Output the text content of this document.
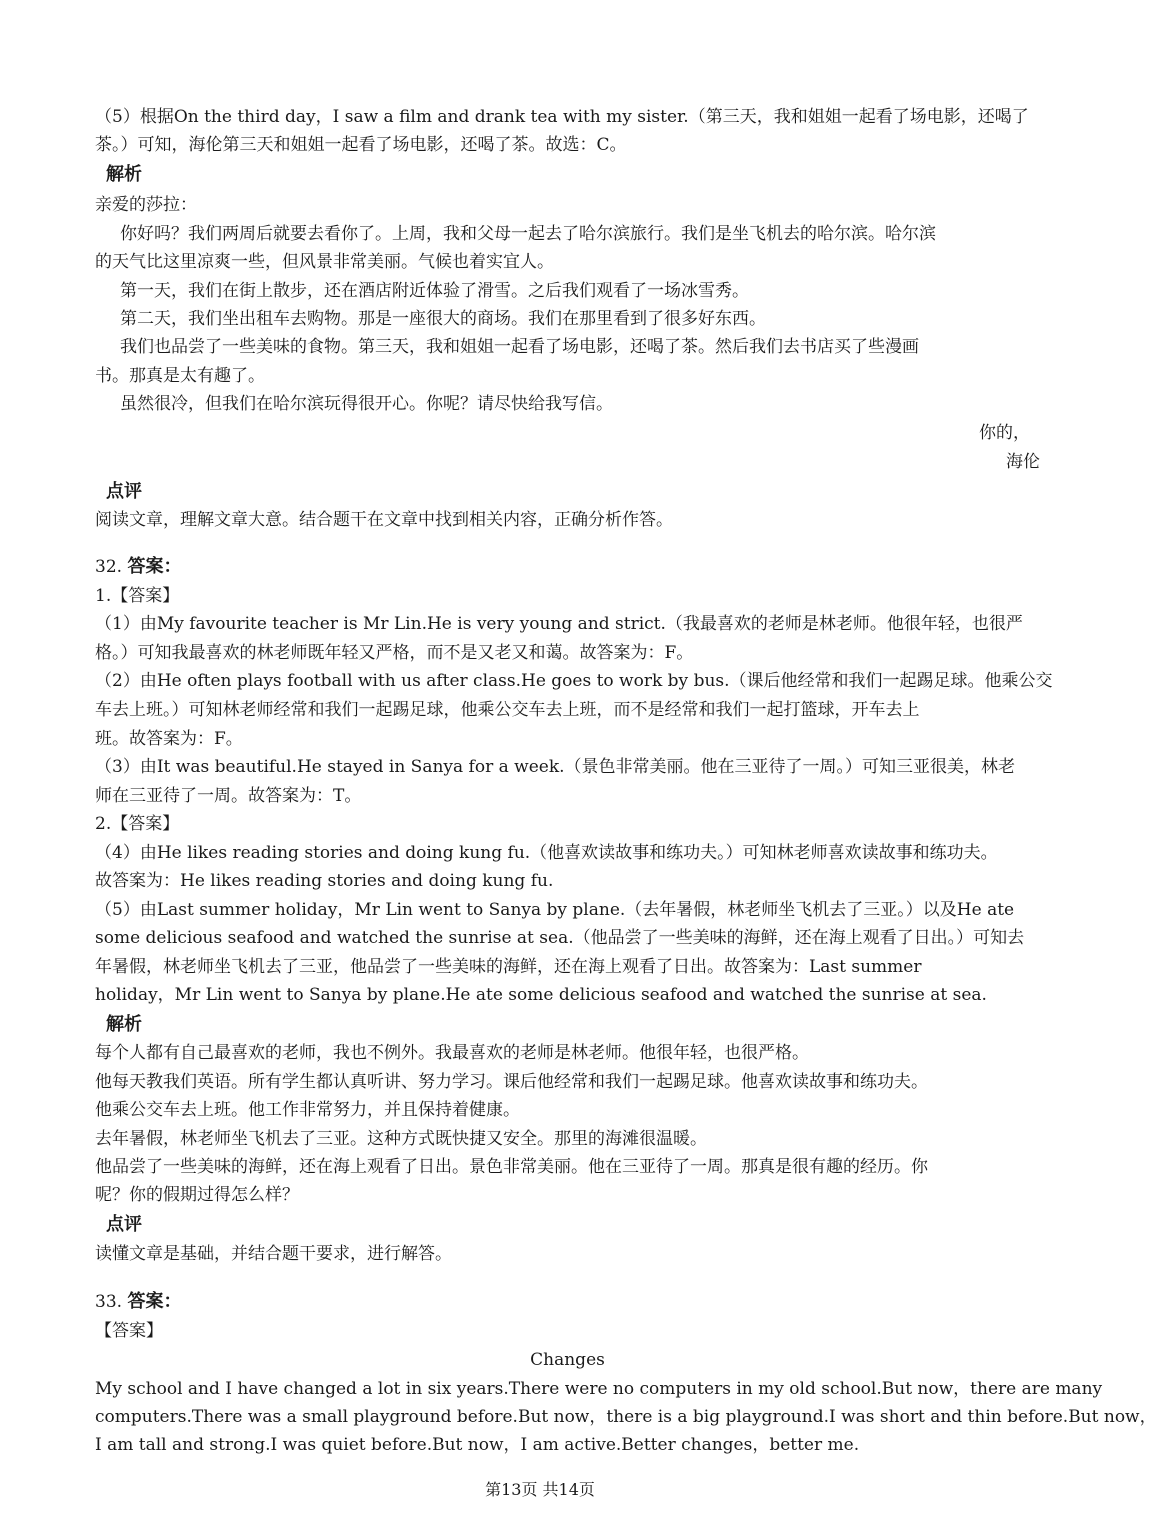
（5）根据On the third day，I saw a film and drank tea with my sister.（第三天，我和姐姐一起看了场电影，还喝了
茶。）可知，海伦第三天和姐姐一起看了场电影，还喝了茶。故选：C。
解析
亲爱的莎拉：
你好吗？我们两周后就要去看你了。上周，我和父母一起去了哈尔滨旅行。我们是坐飞机去的哈尔滨。哈尔滨
的天气比这里凉爽一些，但风景非常美丽。气候也着实宜人。
第一天，我们在街上散步，还在酒店附近体验了滑雪。之后我们观看了一场冰雪秀。
第二天，我们坐出租车去购物。那是一座很大的商场。我们在那里看到了很多好东西。
我们也品尝了一些美味的食物。第三天，我和姐姐一起看了场电影，还喝了茶。然后我们去书店买了些漫画
书。那真是太有趣了。
虽然很冷，但我们在哈尔滨玩得很开心。你呢？请尽快给我写信。
你的，
海伦
点评
阅读文章，理解文章大意。结合题干在文章中找到相关内容，正确分析作答。
32. 答案：
1.【答案】
（1）由My favourite teacher is Mr Lin.He is very young and strict.（我最喜欢的老师是林老师。他很年轻，也很严
格。）可知我最喜欢的林老师既年轻又严格，而不是又老又和蔼。故答案为：F。
（2）由He often plays football with us after class.He goes to work by bus.（课后他经常和我们一起踢足球。他乘公交
车去上班。）可知林老师经常和我们一起踢足球，他乘公交车去上班，而不是经常和我们一起打篮球，开车去上
班。故答案为：F。
（3）由It was beautiful.He stayed in Sanya for a week.（景色非常美丽。他在三亚待了一周。）可知三亚很美，林老
师在三亚待了一周。故答案为：T。
2.【答案】
（4）由He likes reading stories and doing kung fu.（他喜欢读故事和练功夫。）可知林老师喜欢读故事和练功夫。
故答案为：He likes reading stories and doing kung fu.
（5）由Last summer holiday，Mr Lin went to Sanya by plane.（去年暑假，林老师坐飞机去了三亚。）以及He ate
some delicious seafood and watched the sunrise at sea.（他品尝了一些美味的海鲜，还在海上观看了日出。）可知去
年暑假，林老师坐飞机去了三亚，他品尝了一些美味的海鲜，还在海上观看了日出。故答案为：Last summer
holiday，Mr Lin went to Sanya by plane.He ate some delicious seafood and watched the sunrise at sea.
解析
每个人都有自己最喜欢的老师，我也不例外。我最喜欢的老师是林老师。他很年轻，也很严格。
他每天教我们英语。所有学生都认真听讲、努力学习。课后他经常和我们一起踢足球。他喜欢读故事和练功夫。
他乘公交车去上班。他工作非常努力，并且保持着健康。
去年暑假，林老师坐飞机去了三亚。这种方式既快捷又安全。那里的海滩很温暖。
他品尝了一些美味的海鲜，还在海上观看了日出。景色非常美丽。他在三亚待了一周。那真是很有趣的经历。你
呢？你的假期过得怎么样？
点评
读懂文章是基础，并结合题干要求，进行解答。
33. 答案：
【答案】
Changes
My school and I have changed a lot in six years.There were no computers in my old school.But now，there are many
computers.There was a small playground before.But now，there is a big playground.I was short and thin before.But now，
I am tall and strong.I was quiet before.But now，I am active.Better changes，better me.
第13页 共14页
